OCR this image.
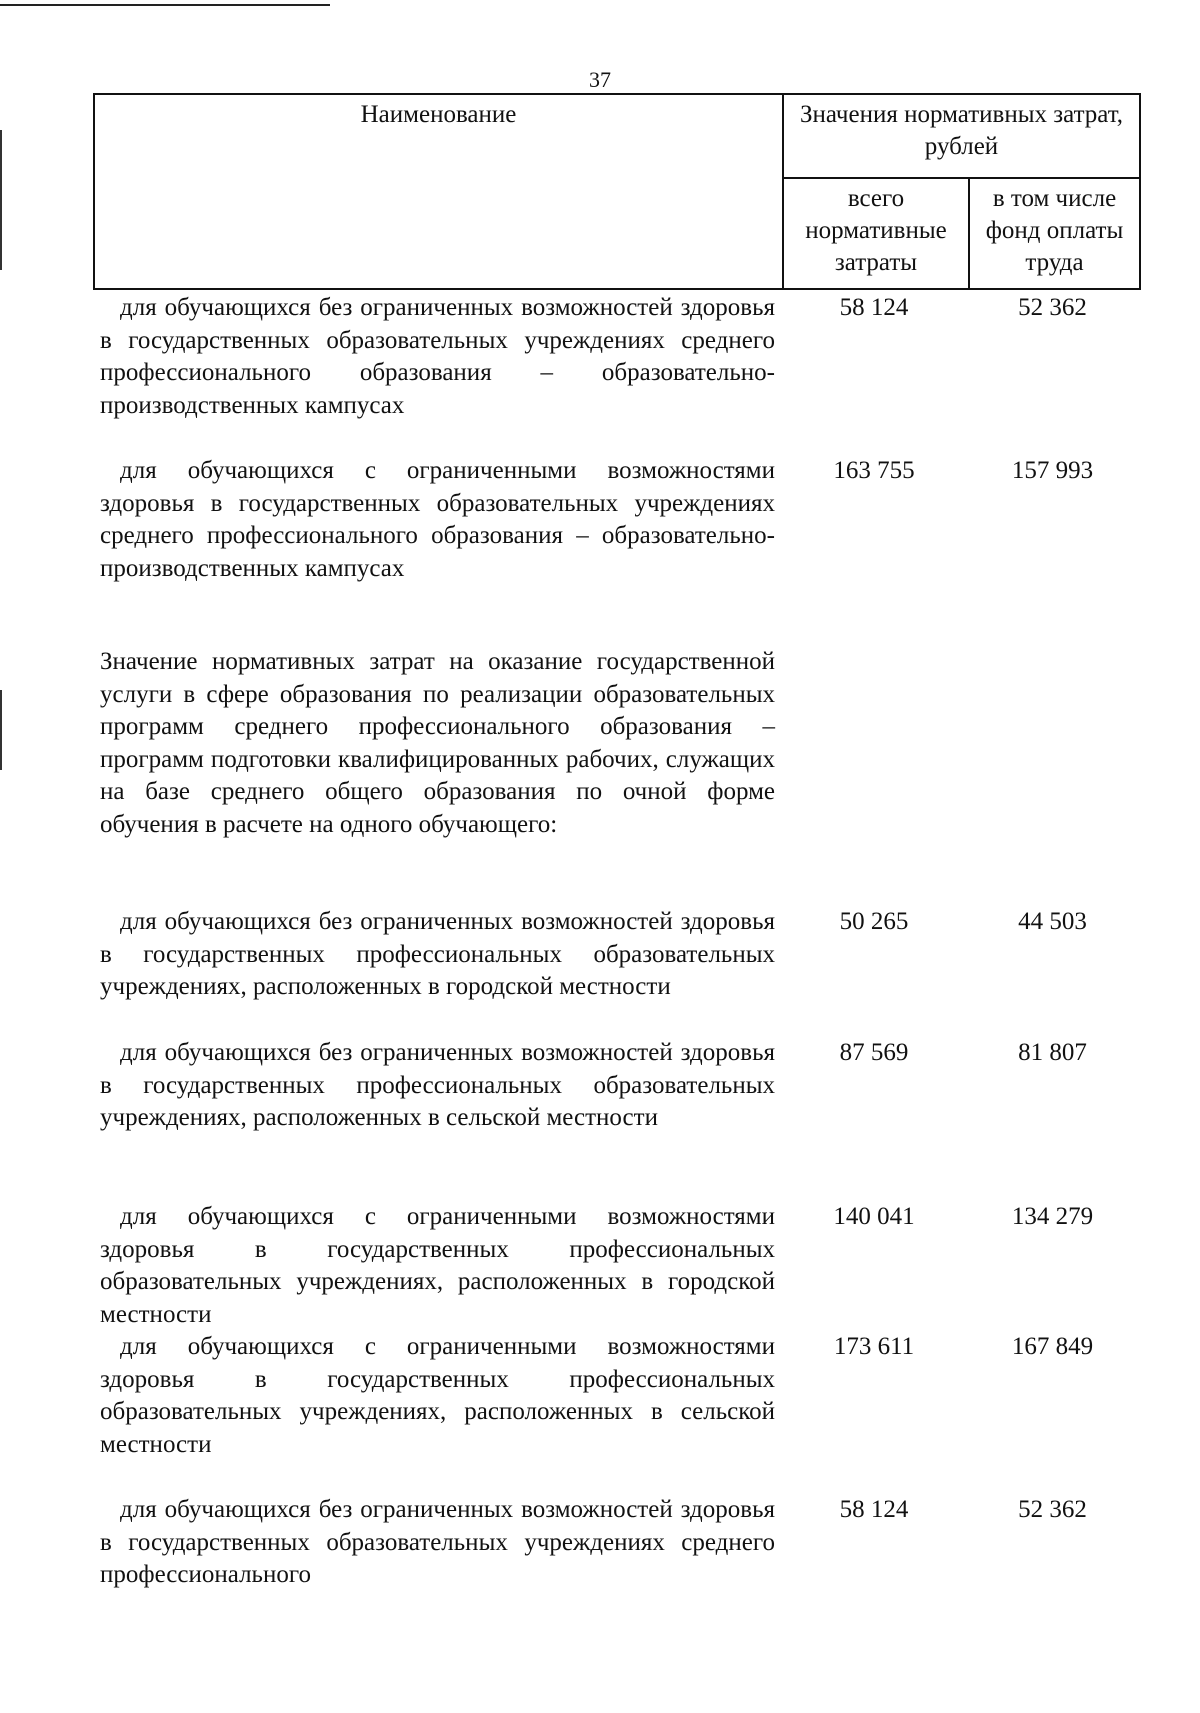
37
Наименование	Значения нормативных затрат, рублей
всего нормативные затраты
в том числе фонд оплаты труда
для обучающихся без ограниченных возможностей здоровья в государственных образовательных учреждениях среднего профессионального образования – образовательно-производственных кампусах
58 124	52 362
для обучающихся с ограниченными возможностями здоровья в государственных образовательных учреждениях среднего профессионального образования – образовательно-производственных кампусах
163 755	157 993
Значение нормативных затрат на оказание государственной услуги в сфере образования по реализации образовательных программ среднего профессионального образования – программ подготовки квалифицированных рабочих, служащих на базе среднего общего образования по очной форме обучения в расчете на одного обучающего:
для обучающихся без ограниченных возможностей здоровья в государственных профессиональных образовательных учреждениях, расположенных в городской местности
50 265	44 503
для обучающихся без ограниченных возможностей здоровья в государственных профессиональных образовательных учреждениях, расположенных в сельской местности
87 569	81 807
для обучающихся с ограниченными возможностями здоровья в государственных профессиональных образовательных учреждениях, расположенных в городской местности
140 041	134 279
для обучающихся с ограниченными возможностями здоровья в государственных профессиональных образовательных учреждениях, расположенных в сельской местности
173 611	167 849
для обучающихся без ограниченных возможностей здоровья в государственных образовательных учреждениях среднего профессионального
58 124	52 362
